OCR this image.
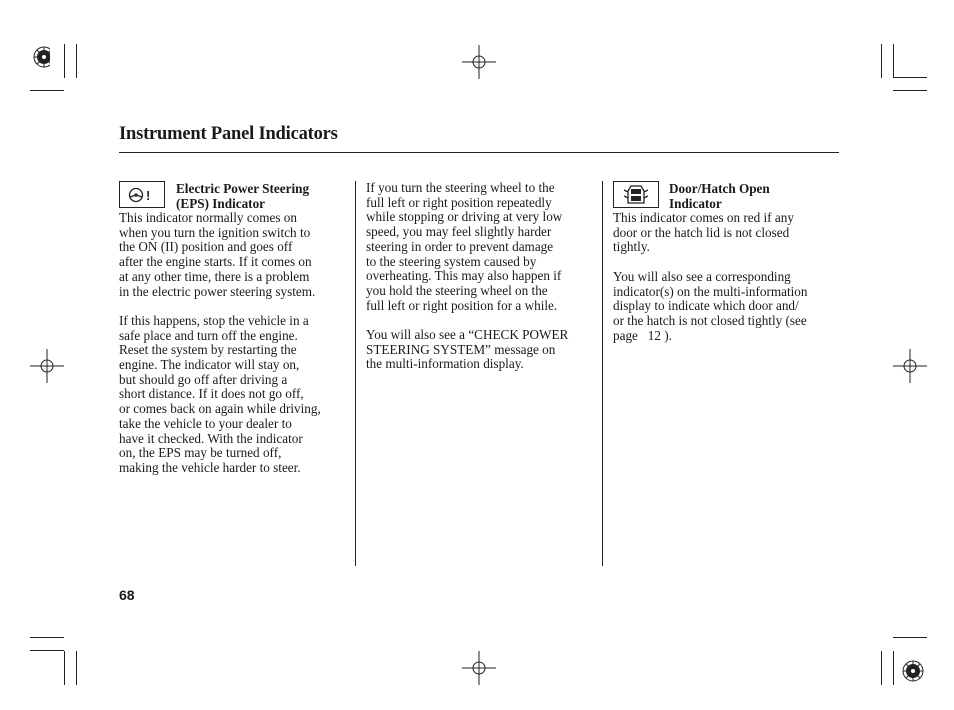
Instrument Panel Indicators
! Electric Power Steering
(EPS) Indicator

This indicator normally comes on
when you turn the ignition switch to
the ON (II) position and goes off
after the engine starts. If it comes on
at any other time, there is a problem
in the electric power steering system.

If this happens, stop the vehicle in a
safe place and turn off the engine.
Reset the system by restarting the
engine. The indicator will stay on,
but should go off after driving a
short distance. If it does not go off,
or comes back on again while driving,
take the vehicle to your dealer to
have it checked. With the indicator
on, the EPS may be turned off,
making the vehicle harder to steer.

If you turn the steering wheel to the
full left or right position repeatedly
while stopping or driving at very low
speed, you may feel slightly harder
steering in order to prevent damage
to the steering system caused by
overheating. This may also happen if
you hold the steering wheel on the
full left or right position for a while.

You will also see a “CHECK POWER
STEERING SYSTEM” message on
the multi-information display.

Door/Hatch Open
Indicator

This indicator comes on red if any
door or the hatch lid is not closed
tightly.

You will also see a corresponding
indicator(s) on the multi-information
display to indicate which door and/
or the hatch is not closed tightly (see
page  12 ).

68
